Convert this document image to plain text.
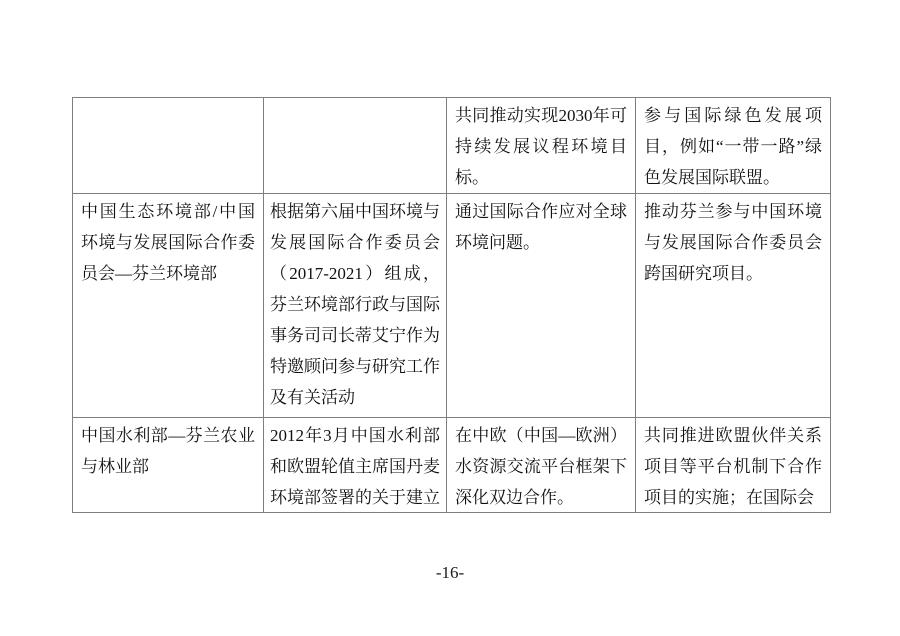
		共同推动实现2030年可持续发展议程环境目标。	参与国际绿色发展项目，例如“一带一路”绿色发展国际联盟。

中国生态环境部/中国环境与发展国际合作委员会—芬兰环境部	根据第六届中国环境与发展国际合作委员会（2017-2021）组成，芬兰环境部行政与国际事务司司长蒂艾宁作为特邀顾问参与研究工作及有关活动	通过国际合作应对全球环境问题。	推动芬兰参与中国环境与发展国际合作委员会跨国研究项目。

中国水利部—芬兰农业与林业部	2012年3月中国水利部和欧盟轮值主席国丹麦环境部签署的关于建立	在中欧（中国—欧洲）水资源交流平台框架下深化双边合作。	共同推进欧盟伙伴关系项目等平台机制下合作项目的实施；在国际会
-16-
